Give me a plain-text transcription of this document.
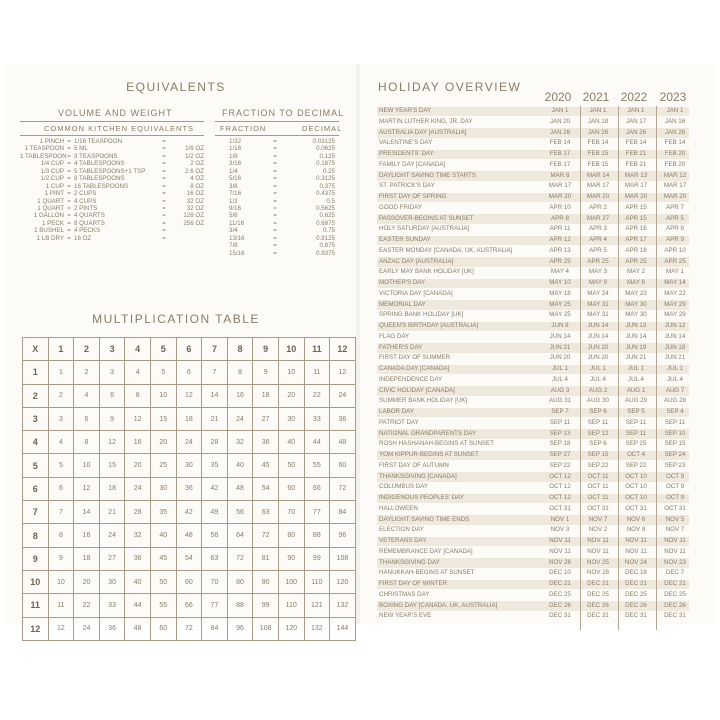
EQUIVALENTS
VOLUME AND WEIGHT
COMMON KITCHEN EQUIVALENTS
1 PINCH = 1/16 TEASPOON	=
1 TEASPOON = 5 ML	=	1/6 OZ
1 TABLESPOON = 3 TEASPOONS	=	1/2 OZ
1/4 CUP = 4 TABLESPOONS	=	2 OZ
1/3 CUP = 5 TABLESPOONS+1 TSP	=	2.6 OZ
1/2 CUP = 8 TABLESPOONS	=	4 OZ
1 CUP = 16 TABLESPOONS	=	8 OZ
1 PINT = 2 CUPS	=	16 OZ
1 QUART = 4 CUPS	=	32 OZ
1 QUART = 2 PINTS	=	32 OZ
1 GALLON = 4 QUARTS	=	128 OZ
1 PECK = 8 QUARTS	=	256 OZ
1 BUSHEL = 4 PECKS	=
1 LB DRY = 16 OZ	=
FRACTION TO DECIMAL
FRACTION	DECIMAL
1/32	=	0.03125
1/16	=	0.0625
1/8	=	0.125
3/16	=	0.1875
1/4	=	0.25
5/16	=	0.3125
3/8	=	0.375
7/16	=	0.4375
1/2	=	0.5
9/16	=	0.5625
5/8	=	0.625
11/16	=	0.6875
3/4	=	0.75
13/16	=	0.8125
7/8	=	0.875
15/16	=	0.9375
MULTIPLICATION TABLE
X	1	2	3	4	5	6	7	8	9	10	11	12
1	1	2	3	4	5	6	7	8	9	10	11	12
2	2	4	6	8	10	12	14	16	18	20	22	24
3	3	6	9	12	15	18	21	24	27	30	33	36
4	4	8	12	16	20	24	28	32	36	40	44	48
5	5	10	15	20	25	30	35	40	45	50	55	60
6	6	12	18	24	30	36	42	48	54	60	66	72
7	7	14	21	28	35	42	49	56	63	70	77	84
8	8	16	24	32	40	48	56	64	72	80	88	96
9	9	18	27	36	45	54	63	72	81	90	99	108
10	10	20	30	40	50	60	70	80	90	100	110	120
11	11	22	33	44	55	66	77	88	99	110	121	132
12	12	24	36	48	60	72	84	96	108	120	132	144
HOLIDAY OVERVIEW
2020 2021 2022	2023
NEW YEAR'S DAY	JAN 1	JAN 1	JAN 1	JAN 1
MARTIN LUTHER KING, JR. DAY	JAN 20	JAN 18	JAN 17	JAN 16
AUSTRALIA DAY [AUSTRALIA]	JAN 26	JAN 26	JAN 26	JAN 26
VALENTINE'S DAY	FEB 14	FEB 14	FEB 14	FEB 14
PRESIDENTS' DAY	FEB 17	FEB 15	FEB 21	FEB 20
FAMILY DAY [CANADA]	FEB 17	FEB 15	FEB 21	FEB 20
DAYLIGHT SAVING TIME STARTS	MAR 8	MAR 14	MAR 13	MAR 12
ST. PATRICK'S DAY	MAR 17	MAR 17	MAR 17	MAR 17
FIRST DAY OF SPRING	MAR 20	MAR 20	MAR 20	MAR 20
GOOD FRIDAY	APR 10	APR 2	APR 15	APR 7
PASSOVER-BEGINS AT SUNSET	APR 8	MAR 27	APR 15	APR 5
HOLY SATURDAY [AUSTRALIA]	APR 11	APR 3	APR 16	APR 8
EASTER SUNDAY	APR 12	APR 4	APR 17	APR 9
EASTER MONDAY [CANADA, UK, AUSTRALIA]	APR 13	APR 5	APR 18	APR 10
ANZAC DAY [AUSTRALIA]	APR 25	APR 25	APR 25	APR 25
EARLY MAY BANK HOLIDAY [UK]	MAY 4	MAY 3	MAY 2	MAY 1
MOTHER'S DAY	MAY 10	MAY 9	MAY 8	MAY 14
VICTORIA DAY [CANADA]	MAY 18	MAY 24	MAY 23	MAY 22
MEMORIAL DAY	MAY 25	MAY 31	MAY 30	MAY 29
SPRING BANK HOLIDAY [UK]	MAY 25	MAY 31	MAY 30	MAY 29
QUEEN'S BIRTHDAY [AUSTRALIA]	JUN 8	JUN 14	JUN 13	JUN 12
FLAG DAY	JUN 14	JUN 14	JUN 14	JUN 14
FATHER'S DAY	JUN 21	JUN 20	JUN 19	JUN 18
FIRST DAY OF SUMMER	JUN 20	JUN 20	JUN 21	JUN 21
CANADA DAY [CANADA]	JUL 1	JUL 1	JUL 1	JUL 1
INDEPENDENCE DAY	JUL 4	JUL 4	JUL 4	JUL 4
CIVIC HOLIDAY [CANADA]	AUG 3	AUG 2	AUG 1	AUG 7
SUMMER BANK HOLIDAY [UK]	AUG 31	AUG 30	AUG 29	AUG 28
LABOR DAY	SEP 7	SEP 6	SEP 5	SEP 4
PATRIOT DAY	SEP 11	SEP 11	SEP 11	SEP 11
NATIONAL GRANDPARENTS DAY	SEP 13	SEP 12	SEP 11	SEP 10
ROSH HASHANAH-BEGINS AT SUNSET	SEP 18	SEP 6	SEP 25	SEP 15
YOM KIPPUR-BEGINS AT SUNSET	SEP 27	SEP 15	OCT 4	SEP 24
FIRST DAY OF AUTUMN	SEP 22	SEP 22	SEP 22	SEP 23
THANKSGIVING [CANADA]	OCT 12	OCT 11	OCT 10	OCT 9
COLUMBUS DAY	OCT 12	OCT 11	OCT 10	OCT 9
INDIGENOUS PEOPLES' DAY	OCT 12	OCT 11	OCT 10	OCT 9
HALLOWEEN	OCT 31	OCT 31	OCT 31	OCT 31
DAYLIGHT SAVING TIME ENDS	NOV 1	NOV 7	NOV 6	NOV 5
ELECTION DAY	NOV 3	NOV 2	NOV 8	NOV 7
VETERANS DAY	NOV 11	NOV 11	NOV 11	NOV 11
REMEMBRANCE DAY [CANADA]	NOV 11	NOV 11	NOV 11	NOV 11
THANKSGIVING DAY	NOV 26	NOV 25	NOV 24	NOV 23
HANUKKAH-BEGINS AT SUNSET	DEC 10	NOV 28	DEC 18	DEC 7
FIRST DAY OF WINTER	DEC 21	DEC 21	DEC 21	DEC 21
CHRISTMAS DAY	DEC 25	DEC 25	DEC 25	DEC 25
BOXING DAY [CANADA, UK, AUSTRALIA]	DEC 26	DEC 26	DEC 26	DEC 26
NEW YEAR'S EVE	DEC 31	DEC 31	DEC 31	DEC 31
